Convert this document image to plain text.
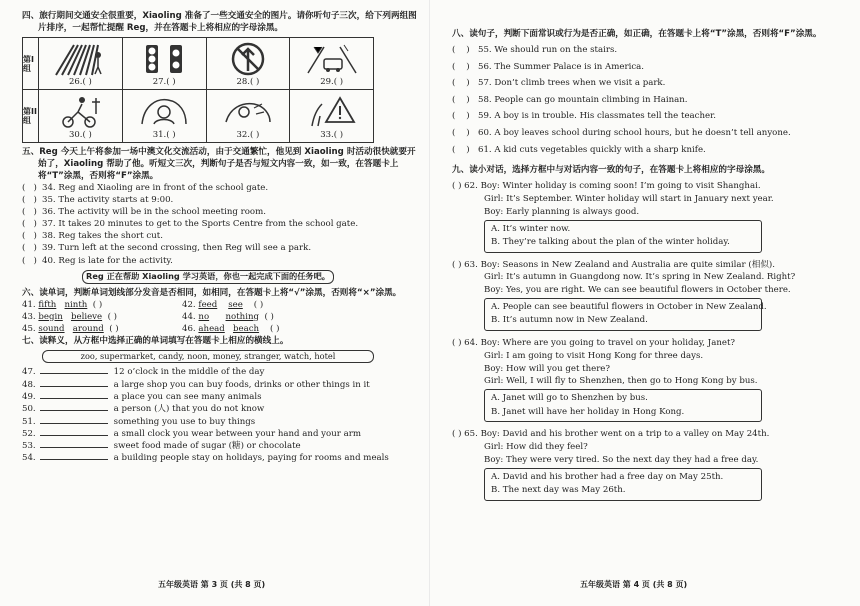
四、旅行期间交通安全很重要，Xiaoling 准备了一些交通安全的图片。请你听句子三次，给下列两组图片排序，一起帮忙提醒 Reg，并在答题卡上将相应的字母涂黑。
第I组
26.( )	27.( )	28.( )	29.( )
第II组
30.( )	31.( )	32.( )	33.( )
五、Reg 今天上午将参加一场中澳文化交流活动，由于交通繁忙，他见到 Xiaoling 时活动很快就要开始了，Xiaoling 帮助了他。听短文三次，判断句子是否与短文内容一致，如一致，在答题卡上将“T”涂黑，否则将“F”涂黑。
(   ) 34. Reg and Xiaoling are in front of the school gate.
(   ) 35. The activity starts at 9:00.
(   ) 36. The activity will be in the school meeting room.
(   ) 37. It takes 20 minutes to get to the Sports Centre from the school gate.
(   ) 38. Reg takes the short cut.
(   ) 39. Turn left at the second crossing, then Reg will see a park.
(   ) 40. Reg is late for the activity.
Reg 正在帮助 Xiaoling 学习英语，你也一起完成下面的任务吧。
六、读单词，判断单词划线部分发音是否相同，如相同，在答题卡上将“√”涂黑，否则将“×”涂黑。
41. fifth ninth ( )	42. feed see ( )
43. begin believe ( )	44. no nothing ( )
45. sound around ( )	46. ahead beach ( )
七、读释义，从方框中选择正确的单词填写在答题卡上相应的横线上。
zoo, supermarket, candy, noon, money, stranger, watch, hotel
47.	12 o’clock in the middle of the day
48.	a large shop you can buy foods, drinks or other things in it
49.	a place you can see many animals
50.	a person (人) that you do not know
51.	something you use to buy things
52.	a small clock you wear between your hand and your arm
53.	sweet food made of sugar (糖) or chocolate
54.	a building people stay on holidays, paying for rooms and meals
五年级英语 第 3 页 (共 8 页)
八、读句子，判断下面常识或行为是否正确，如正确，在答题卡上将“T”涂黑，否则将“F”涂黑。
(    ) 55. We should run on the stairs.
(    ) 56. The Summer Palace is in America.
(    ) 57. Don’t climb trees when we visit a park.
(    ) 58. People can go mountain climbing in Hainan.
(    ) 59. A boy is in trouble. His classmates tell the teacher.
(    ) 60. A boy leaves school during school hours, but he doesn’t tell anyone.
(    ) 61. A kid cuts vegetables quickly with a sharp knife.
九、读小对话，选择方框中与对话内容一致的句子，在答题卡上将相应的字母涂黑。
( ) 62. Boy: Winter holiday is coming soon! I’m going to visit Shanghai.
Girl: It’s September. Winter holiday will start in January next year.
Boy: Early planning is always good.
A. It’s winter now.
B. They’re talking about the plan of the winter holiday.
( ) 63. Boy: Seasons in New Zealand and Australia are quite similar (相似).
Girl: It’s autumn in Guangdong now. It’s spring in New Zealand. Right?
Boy: Yes, you are right. We can see beautiful flowers in October there.
A. People can see beautiful flowers in October in New Zealand.
B. It’s autumn now in New Zealand.
( ) 64. Boy: Where are you going to travel on your holiday, Janet?
Girl: I am going to visit Hong Kong for three days.
Boy: How will you get there?
Girl: Well, I will fly to Shenzhen, then go to Hong Kong by bus.
A. Janet will go to Shenzhen by bus.
B. Janet will have her holiday in Hong Kong.
( ) 65. Boy: David and his brother went on a trip to a valley on May 24th.
Girl: How did they feel?
Boy: They were very tired. So the next day they had a free day.
A. David and his brother had a free day on May 25th.
B. The next day was May 26th.
五年级英语 第 4 页 (共 8 页)
